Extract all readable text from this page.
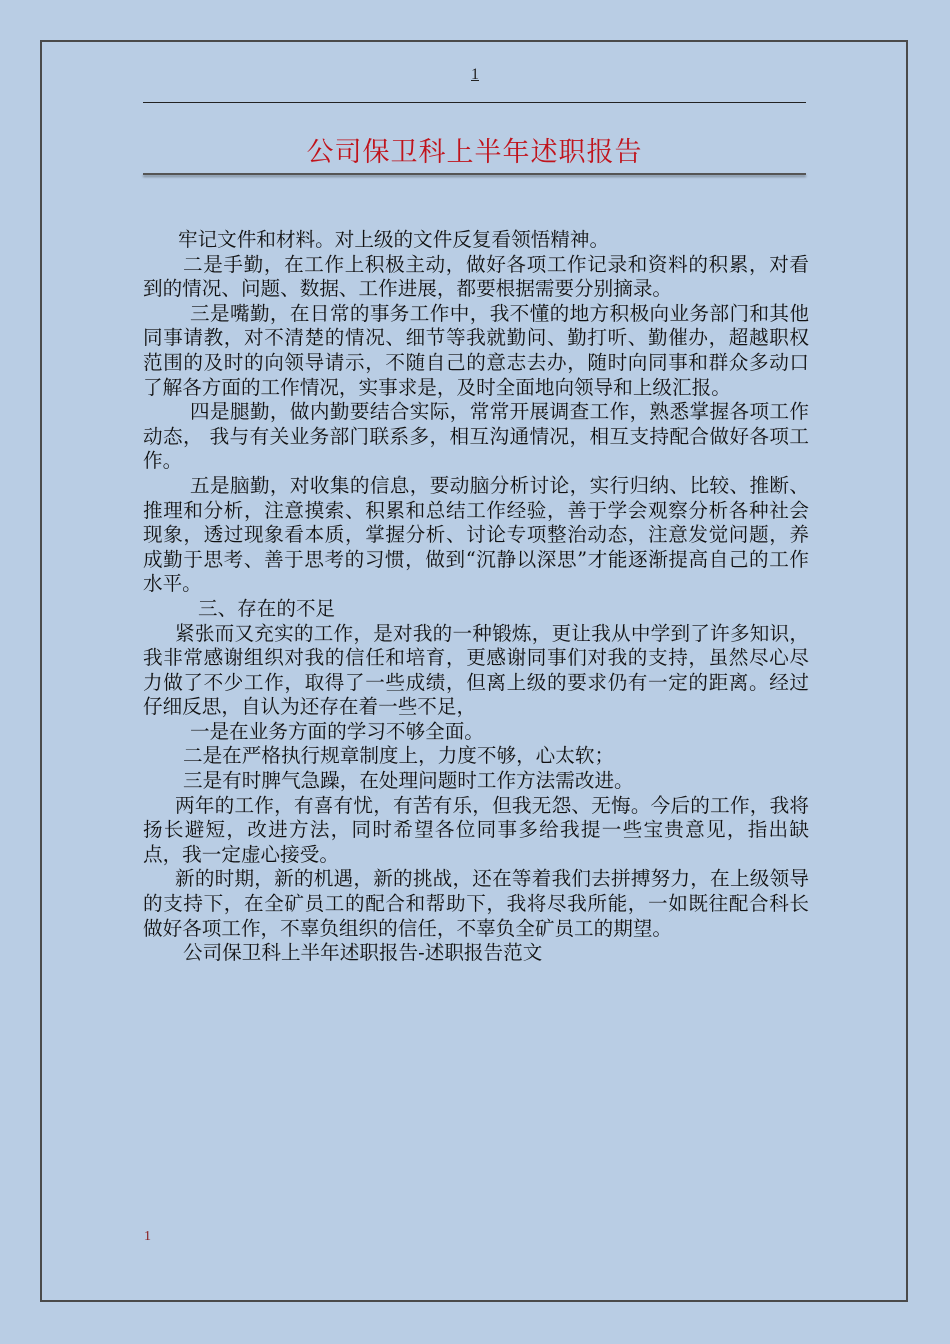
1
公司保卫科上半年述职报告

牢记文件和材料。对上级的文件反复看领悟精神。

二是手勤，在工作上积极主动，做好各项工作记录和资料的积累，对看到的情况、问题、数据、工作进展，都要根据需要分别摘录。

三是嘴勤，在日常的事务工作中，我不懂的地方积极向业务部门和其他同事请教，对不清楚的情况、细节等我就勤问、勤打听、勤催办，超越职权范围的及时的向领导请示，不随自己的意志去办，随时向同事和群众多动口了解各方面的工作情况，实事求是，及时全面地向领导和上级汇报。

四是腿勤，做内勤要结合实际，常常开展调查工作，熟悉掌握各项工作动态， 我与有关业务部门联系多，相互沟通情况，相互支持配合做好各项工作。

五是脑勤，对收集的信息，要动脑分析讨论，实行归纳、比较、推断、推理和分析，注意摸索、积累和总结工作经验，善于学会观察分析各种社会现象，透过现象看本质，掌握分析、讨论专项整治动态，注意发觉问题，养成勤于思考、善于思考的习惯，做到“沉静以深思”才能逐渐提高自己的工作水平。

三、存在的不足

紧张而又充实的工作，是对我的一种锻炼，更让我从中学到了许多知识，我非常感谢组织对我的信任和培育，更感谢同事们对我的支持，虽然尽心尽力做了不少工作，取得了一些成绩，但离上级的要求仍有一定的距离。经过仔细反思，自认为还存在着一些不足，

一是在业务方面的学习不够全面。

二是在严格执行规章制度上，力度不够，心太软；

三是有时脾气急躁，在处理问题时工作方法需改进。

两年的工作，有喜有忧，有苦有乐，但我无怨、无悔。今后的工作，我将扬长避短，改进方法，同时希望各位同事多给我提一些宝贵意见，指出缺点，我一定虚心接受。

新的时期，新的机遇，新的挑战，还在等着我们去拼搏努力，在上级领导的支持下，在全矿员工的配合和帮助下，我将尽我所能，一如既往配合科长做好各项工作，不辜负组织的信任，不辜负全矿员工的期望。

公司保卫科上半年述职报告-述职报告范文

1
